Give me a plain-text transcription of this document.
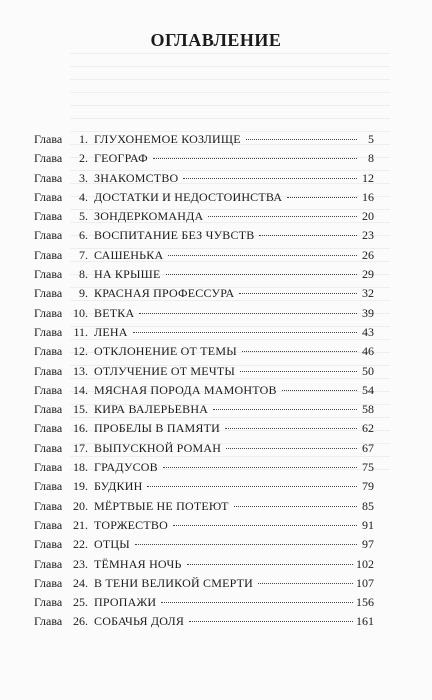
ОГЛАВЛЕНИЕ
Глава	1. ГЛУХОНЕМОЕ КОЗЛИЩЕ	5
Глава	2. ГЕОГРАФ	8
Глава	3. ЗНАКОМСТВО	12
Глава	4. ДОСТАТКИ И НЕДОСТОИНСТВА	16
Глава	5. ЗОНДЕРКОМАНДА	20
Глава	6. ВОСПИТАНИЕ БЕЗ ЧУВСТВ	23
Глава	7. САШЕНЬКА	26
Глава	8. НА КРЫШЕ	29
Глава	9. КРАСНАЯ ПРОФЕССУРА	32
Глава 10. ВЕТКА	39
Глава 11. ЛЕНА	43
Глава 12. ОТКЛОНЕНИЕ ОТ ТЕМЫ	46
Глава 13. ОТЛУЧЕНИЕ ОТ МЕЧТЫ	50
Глава 14. МЯСНАЯ ПОРОДА МАМОНТОВ	54
Глава 15. КИРА ВАЛЕРЬЕВНА	58
Глава 16. ПРОБЕЛЫ В ПАМЯТИ	62
Глава 17. ВЫПУСКНОЙ РОМАН	67
Глава 18. ГРАДУСОВ	75
Глава 19. БУДКИН	79
Глава 20. МЁРТВЫЕ НЕ ПОТЕЮТ	85
Глава 21. ТОРЖЕСТВО	91
Глава 22. ОТЦЫ	97
Глава 23. ТЁМНАЯ НОЧЬ	102
Глава 24. В ТЕНИ ВЕЛИКОЙ СМЕРТИ	107
Глава 25. ПРОПАЖИ	156
Глава 26. СОБАЧЬЯ ДОЛЯ	161
